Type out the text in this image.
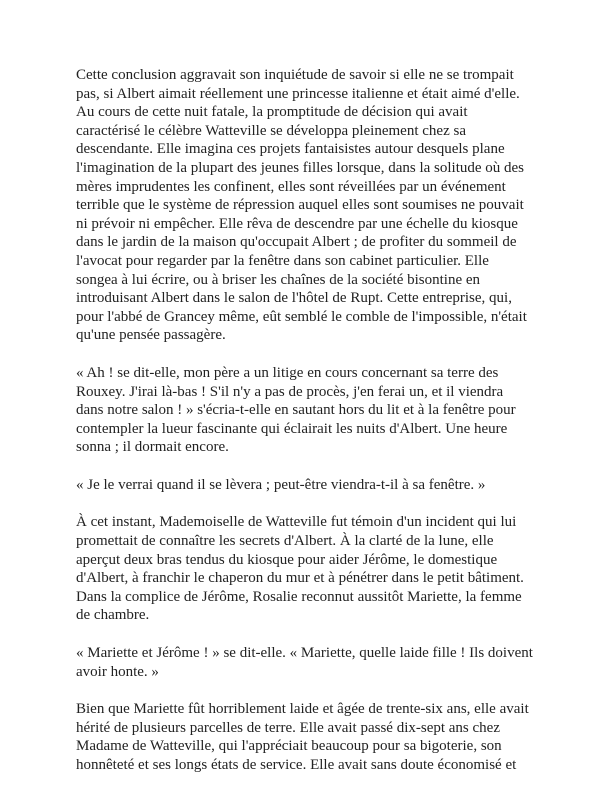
Cette conclusion aggravait son inquiétude de savoir si elle ne se trompait
pas, si Albert aimait réellement une princesse italienne et était aimé d'elle.
Au cours de cette nuit fatale, la promptitude de décision qui avait
caractérisé le célèbre Watteville se développa pleinement chez sa
descendante. Elle imagina ces projets fantaisistes autour desquels plane
l'imagination de la plupart des jeunes filles lorsque, dans la solitude où des
mères imprudentes les confinent, elles sont réveillées par un événement
terrible que le système de répression auquel elles sont soumises ne pouvait
ni prévoir ni empêcher. Elle rêva de descendre par une échelle du kiosque
dans le jardin de la maison qu'occupait Albert ; de profiter du sommeil de
l'avocat pour regarder par la fenêtre dans son cabinet particulier. Elle
songea à lui écrire, ou à briser les chaînes de la société bisontine en
introduisant Albert dans le salon de l'hôtel de Rupt. Cette entreprise, qui,
pour l'abbé de Grancey même, eût semblé le comble de l'impossible, n'était
qu'une pensée passagère.

« Ah ! se dit-elle, mon père a un litige en cours concernant sa terre des
Rouxey. J'irai là-bas ! S'il n'y a pas de procès, j'en ferai un, et il viendra
dans notre salon ! » s'écria-t-elle en sautant hors du lit et à la fenêtre pour
contempler la lueur fascinante qui éclairait les nuits d'Albert. Une heure
sonna ; il dormait encore.

« Je le verrai quand il se lèvera ; peut-être viendra-t-il à sa fenêtre. »

À cet instant, Mademoiselle de Watteville fut témoin d'un incident qui lui
promettait de connaître les secrets d'Albert. À la clarté de la lune, elle
aperçut deux bras tendus du kiosque pour aider Jérôme, le domestique
d'Albert, à franchir le chaperon du mur et à pénétrer dans le petit bâtiment.
Dans la complice de Jérôme, Rosalie reconnut aussitôt Mariette, la femme
de chambre.

« Mariette et Jérôme ! » se dit-elle. « Mariette, quelle laide fille ! Ils doivent
avoir honte. »

Bien que Mariette fût horriblement laide et âgée de trente-six ans, elle avait
hérité de plusieurs parcelles de terre. Elle avait passé dix-sept ans chez
Madame de Watteville, qui l'appréciait beaucoup pour sa bigoterie, son
honnêteté et ses longs états de service. Elle avait sans doute économisé et
